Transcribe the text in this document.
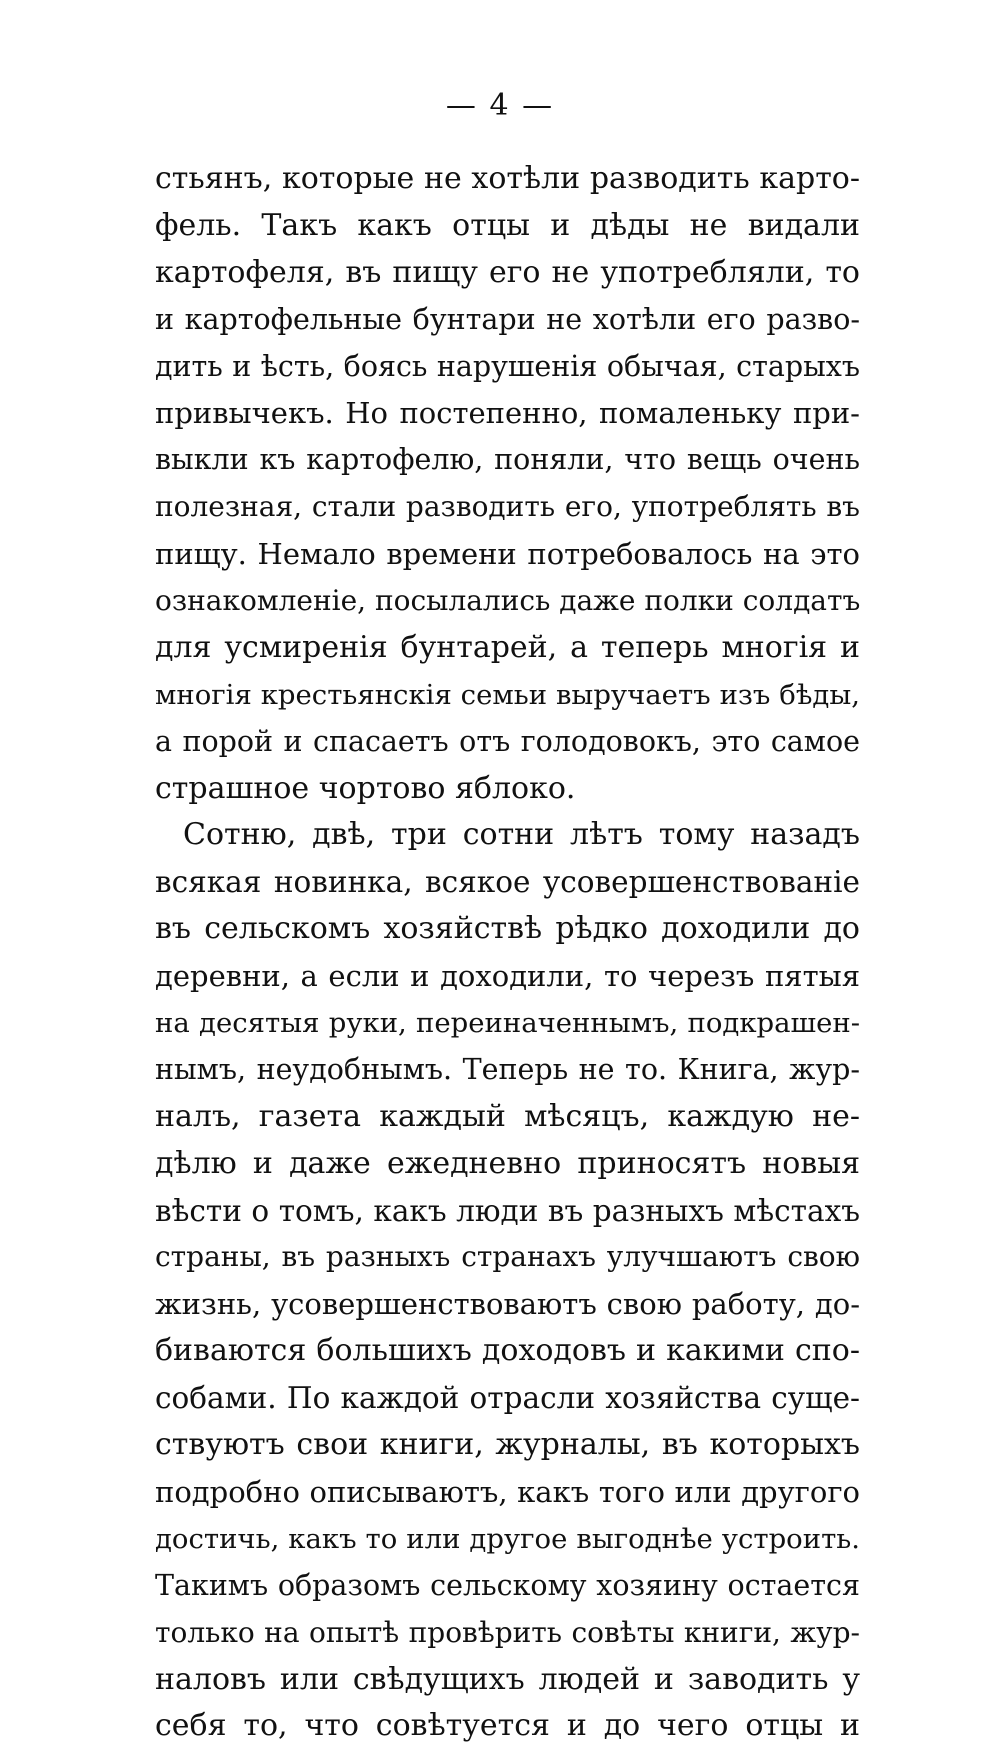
— 4 —
стьянъ, которые не хотѣли разводить карто-
фель. Такъ какъ отцы и дѣды не видали
картофеля, въ пищу его не употребляли, то
и картофельные бунтари не хотѣли его разво-
дить и ѣсть, боясь нарушенія обычая, старыхъ
привычекъ. Но постепенно, помаленьку при-
выкли къ картофелю, поняли, что вещь очень
полезная, стали разводить его, употреблять въ
пищу. Немало времени потребовалось на это
ознакомленіе, посылались даже полки солдатъ
для усмиренія бунтарей, а теперь многія и
многія крестьянскія семьи выручаетъ изъ бѣды,
а порой и спасаетъ отъ голодовокъ, это самое
страшное чортово яблоко.
Сотню, двѣ, три сотни лѣтъ тому назадъ
всякая новинка, всякое усовершенствованіе
въ сельскомъ хозяйствѣ рѣдко доходили до
деревни, а если и доходили, то черезъ пятыя
на десятыя руки, переиначеннымъ, подкрашен-
нымъ, неудобнымъ. Теперь не то. Книга, жур-
налъ, газета каждый мѣсяцъ, каждую не-
дѣлю и даже ежедневно приносятъ новыя
вѣсти о томъ, какъ люди въ разныхъ мѣстахъ
страны, въ разныхъ странахъ улучшаютъ свою
жизнь, усовершенствоваютъ свою работу, до-
биваются большихъ доходовъ и какими спо-
собами. По каждой отрасли хозяйства суще-
ствуютъ свои книги, журналы, въ которыхъ
подробно описываютъ, какъ того или другого
достичь, какъ то или другое выгоднѣе устроить.
Такимъ образомъ сельскому хозяину остается
только на опытѣ провѣрить совѣты книги, жур-
наловъ или свѣдущихъ людей и заводить у
себя то, что совѣтуется и до чего отцы и
